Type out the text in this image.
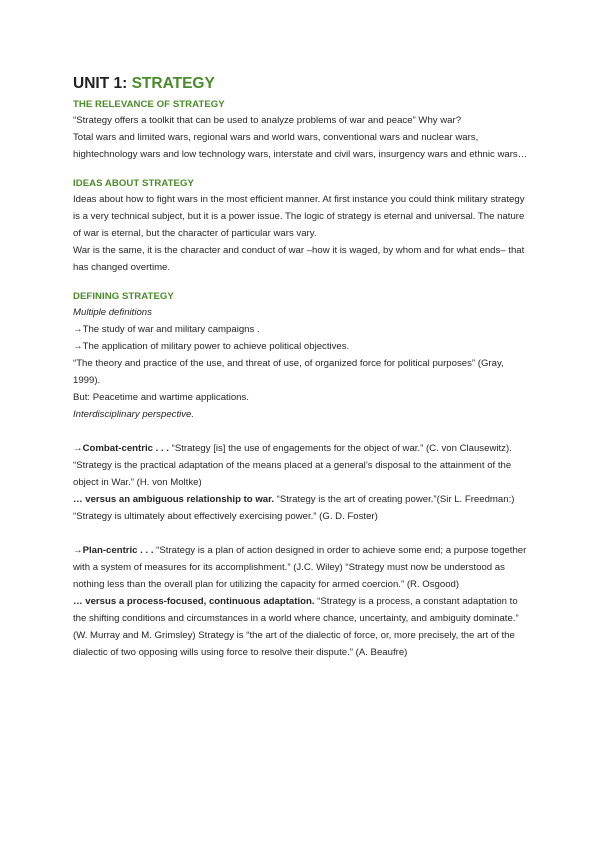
UNIT 1: STRATEGY
THE RELEVANCE OF STRATEGY

“Strategy offers a toolkit that can be used to analyze problems of war and peace” Why war?

Total wars and limited wars, regional wars and world wars, conventional wars and nuclear wars, hightechnology wars and low technology wars, interstate and civil wars, insurgency wars and ethnic wars…

IDEAS ABOUT STRATEGY

Ideas about how to fight wars in the most efficient manner. At first instance you could think military strategy is a very technical subject, but it is a power issue. The logic of strategy is eternal and universal. The nature of war is eternal, but the character of particular wars vary.

War is the same, it is the character and conduct of war –how it is waged, by whom and for what ends– that has changed overtime.

DEFINING STRATEGY

Multiple definitions

→The study of war and military campaigns .

→The application of military power to achieve political objectives.

“The theory and practice of the use, and threat of use, of organized force for political purposes” (Gray, 1999).

But: Peacetime and wartime applications.

Interdisciplinary perspective.

→Combat-centric . . . “Strategy [is] the use of engagements for the object of war.” (C. von Clausewitz). “Strategy is the practical adaptation of the means placed at a general’s disposal to the attainment of the object in War.” (H. von Moltke)

… versus an ambiguous relationship to war. “Strategy is the art of creating power.”(Sir L. Freedman:) “Strategy is ultimately about effectively exercising power.” (G. D. Foster)

→Plan-centric . . . “Strategy is a plan of action designed in order to achieve some end; a purpose together with a system of measures for its accomplishment.” (J.C. Wiley) “Strategy must now be understood as nothing less than the overall plan for utilizing the capacity for armed coercion.” (R. Osgood)

… versus a process-focused, continuous adaptation. “Strategy is a process, a constant adaptation to the shifting conditions and circumstances in a world where chance, uncertainty, and ambiguity dominate.” (W. Murray and M. Grimsley) Strategy is “the art of the dialectic of force, or, more precisely, the art of the dialectic of two opposing wills using force to resolve their dispute.” (A. Beaufre)
